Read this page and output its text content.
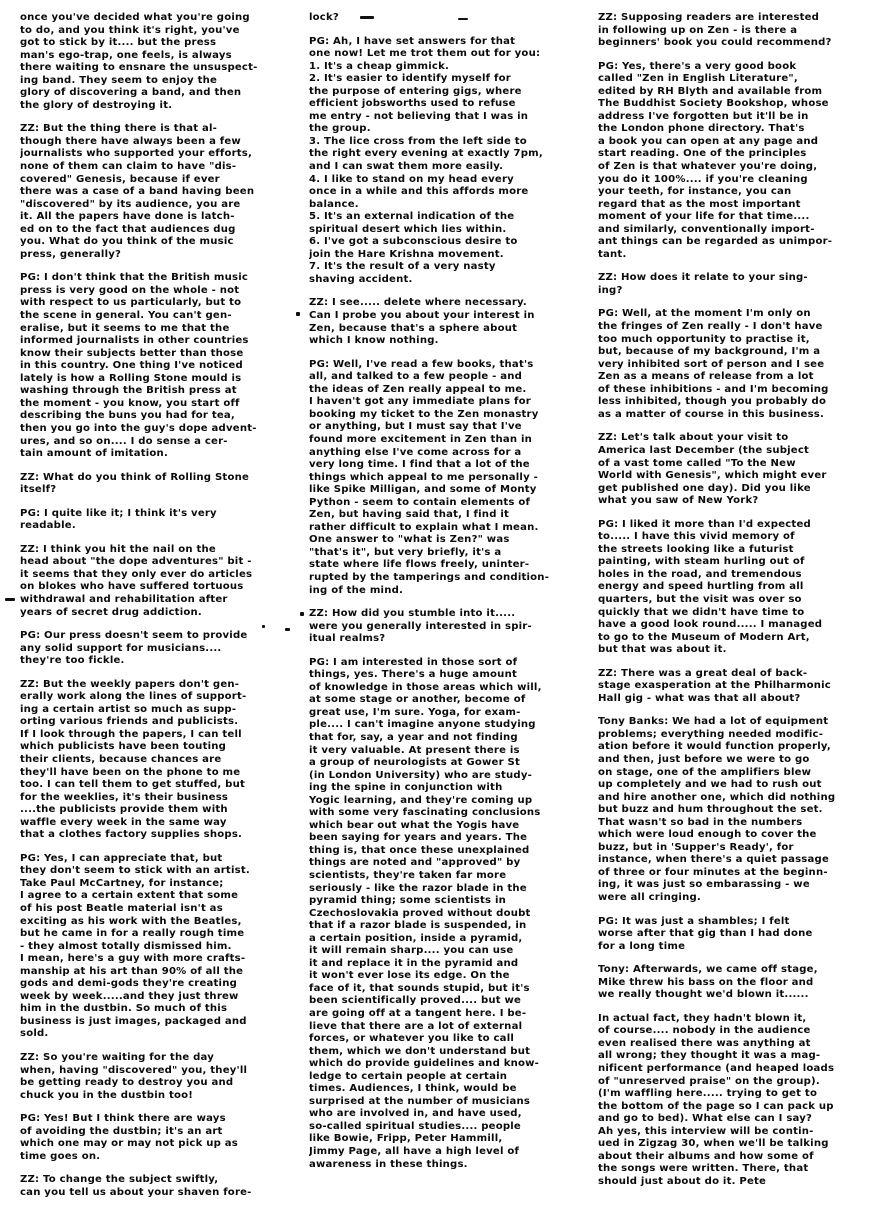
once you've decided what you're going
to do, and you think it's right, you've
got to stick by it.... but the press
man's ego-trap, one feels, is always
there waiting to ensnare the unsuspect-
ing band. They seem to enjoy the
glory of discovering a band, and then
the glory of destroying it.

ZZ: But the thing there is that al-
though there have always been a few
journalists who supported your efforts,
none of them can claim to have "dis-
covered" Genesis, because if ever
there was a case of a band having been
"discovered" by its audience, you are
it. All the papers have done is latch-
ed on to the fact that audiences dug
you. What do you think of the music
press, generally?

PG: I don't think that the British music
press is very good on the whole - not
with respect to us particularly, but to
the scene in general. You can't gen-
eralise, but it seems to me that the
informed journalists in other countries
know their subjects better than those
in this country. One thing I've noticed
lately is how a Rolling Stone mould is
washing through the British press at
the moment - you know, you start off
describing the buns you had for tea,
then you go into the guy's dope advent-
ures, and so on.... I do sense a cer-
tain amount of imitation.

ZZ: What do you think of Rolling Stone
itself?

PG: I quite like it; I think it's very
readable.

ZZ: I think you hit the nail on the
head about "the dope adventures" bit -
it seems that they only ever do articles
on blokes who have suffered tortuous
withdrawal and rehabilitation after
years of secret drug addiction.

PG: Our press doesn't seem to provide
any solid support for musicians....
they're too fickle.

ZZ: But the weekly papers don't gen-
erally work along the lines of support-
ing a certain artist so much as supp-
orting various friends and publicists.
If I look through the papers, I can tell
which publicists have been touting
their clients, because chances are
they'll have been on the phone to me
too. I can tell them to get stuffed, but
for the weeklies, it's their business
....the publicists provide them with
waffle every week in the same way
that a clothes factory supplies shops.

PG: Yes, I can appreciate that, but
they don't seem to stick with an artist.
Take Paul McCartney, for instance;
I agree to a certain extent that some
of his post Beatle material isn't as
exciting as his work with the Beatles,
but he came in for a really rough time
- they almost totally dismissed him.
I mean, here's a guy with more crafts-
manship at his art than 90% of all the
gods and demi-gods they're creating
week by week.....and they just threw
him in the dustbin. So much of this
business is just images, packaged and
sold.

ZZ: So you're waiting for the day
when, having "discovered" you, they'll
be getting ready to destroy you and
chuck you in the dustbin too!

PG: Yes! But I think there are ways
of avoiding the dustbin; it's an art
which one may or may not pick up as
time goes on.

ZZ: To change the subject swiftly,
can you tell us about your shaven fore-

lock?

PG: Ah, I have set answers for that
one now! Let me trot them out for you:
1. It's a cheap gimmick.
2. It's easier to identify myself for
the purpose of entering gigs, where
efficient jobsworths used to refuse
me entry - not believing that I was in
the group.
3. The lice cross from the left side to
the right every evening at exactly 7pm,
and I can swat them more easily.
4. I like to stand on my head every
once in a while and this affords more
balance.
5. It's an external indication of the
spiritual desert which lies within.
6. I've got a subconscious desire to
join the Hare Krishna movement.
7. It's the result of a very nasty
shaving accident.

ZZ: I see..... delete where necessary.
Can I probe you about your interest in
Zen, because that's a sphere about
which I know nothing.

PG: Well, I've read a few books, that's
all, and talked to a few people - and
the ideas of Zen really appeal to me.
I haven't got any immediate plans for
booking my ticket to the Zen monastry
or anything, but I must say that I've
found more excitement in Zen than in
anything else I've come across for a
very long time. I find that a lot of the
things which appeal to me personally -
like Spike Milligan, and some of Monty
Python - seem to contain elements of
Zen, but having said that, I find it
rather difficult to explain what I mean.
One answer to "what is Zen?" was
"that's it", but very briefly, it's a
state where life flows freely, uninter-
rupted by the tamperings and condition-
ing of the mind.

ZZ: How did you stumble into it.....
were you generally interested in spir-
itual realms?

PG: I am interested in those sort of
things, yes. There's a huge amount
of knowledge in those areas which will,
at some stage or another, become of
great use, I'm sure. Yoga, for exam-
ple.... I can't imagine anyone studying
that for, say, a year and not finding
it very valuable. At present there is
a group of neurologists at Gower St
(in London University) who are study-
ing the spine in conjunction with
Yogic learning, and they're coming up
with some very fascinating conclusions
which bear out what the Yogis have
been saying for years and years. The
thing is, that once these unexplained
things are noted and "approved" by
scientists, they're taken far more
seriously - like the razor blade in the
pyramid thing; some scientists in
Czechoslovakia proved without doubt
that if a razor blade is suspended, in
a certain position, inside a pyramid,
it will remain sharp.... you can use
it and replace it in the pyramid and
it won't ever lose its edge. On the
face of it, that sounds stupid, but it's
been scientifically proved.... but we
are going off at a tangent here. I be-
lieve that there are a lot of external
forces, or whatever you like to call
them, which we don't understand but
which do provide guidelines and know-
ledge to certain people at certain
times. Audiences, I think, would be
surprised at the number of musicians
who are involved in, and have used,
so-called spiritual studies.... people
like Bowie, Fripp, Peter Hammill,
Jimmy Page, all have a high level of
awareness in these things.

ZZ: Supposing readers are interested
in following up on Zen - is there a
beginners' book you could recommend?

PG: Yes, there's a very good book
called "Zen in English Literature",
edited by RH Blyth and available from
The Buddhist Society Bookshop, whose
address I've forgotten but it'll be in
the London phone directory. That's
a book you can open at any page and
start reading. One of the principles
of Zen is that whatever you're doing,
you do it 100%.... if you're cleaning
your teeth, for instance, you can
regard that as the most important
moment of your life for that time....
and similarly, conventionally import-
ant things can be regarded as unimpor-
tant.

ZZ: How does it relate to your sing-
ing?

PG: Well, at the moment I'm only on
the fringes of Zen really - I don't have
too much opportunity to practise it,
but, because of my background, I'm a
very inhibited sort of person and I see
Zen as a means of release from a lot
of these inhibitions - and I'm becoming
less inhibited, though you probably do
as a matter of course in this business.

ZZ: Let's talk about your visit to
America last December (the subject
of a vast tome called "To the New
World with Genesis", which might ever
get published one day). Did you like
what you saw of New York?

PG: I liked it more than I'd expected
to..... I have this vivid memory of
the streets looking like a futurist
painting, with steam hurling out of
holes in the road, and tremendous
energy and speed hurtling from all
quarters, but the visit was over so
quickly that we didn't have time to
have a good look round..... I managed
to go to the Museum of Modern Art,
but that was about it.

ZZ: There was a great deal of back-
stage exasperation at the Philharmonic
Hall gig - what was that all about?

Tony Banks: We had a lot of equipment
problems; everything needed modific-
ation before it would function properly,
and then, just before we were to go
on stage, one of the amplifiers blew
up completely and we had to rush out
and hire another one, which did nothing
but buzz and hum throughout the set.
That wasn't so bad in the numbers
which were loud enough to cover the
buzz, but in 'Supper's Ready', for
instance, when there's a quiet passage
of three or four minutes at the beginn-
ing, it was just so embarassing - we
were all cringing.

PG: It was just a shambles; I felt
worse after that gig than I had done
for a long time

Tony: Afterwards, we came off stage,
Mike threw his bass on the floor and
we really thought we'd blown it......

In actual fact, they hadn't blown it,
of course.... nobody in the audience
even realised there was anything at
all wrong; they thought it was a mag-
nificent performance (and heaped loads
of "unreserved praise" on the group).
(I'm waffling here..... trying to get to
the bottom of the page so I can pack up
and go to bed). What else can I say?
Ah yes, this interview will be contin-
ued in Zigzag 30, when we'll be talking
about their albums and how some of
the songs were written. There, that
should just about do it. Pete
